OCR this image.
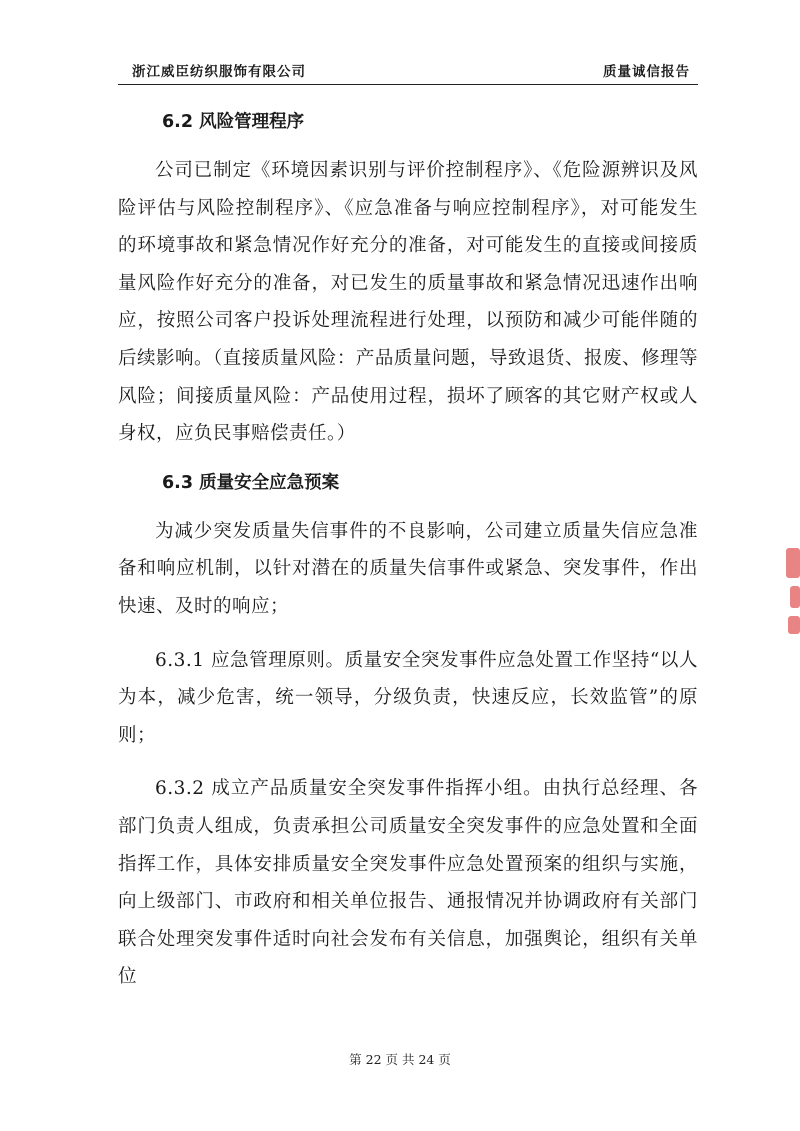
浙江威臣纺织服饰有限公司	质量诚信报告
6.2 风险管理程序

公司已制定《环境因素识别与评价控制程序》、《危险源辨识及风险评估与风险控制程序》、《应急准备与响应控制程序》，对可能发生的环境事故和紧急情况作好充分的准备，对可能发生的直接或间接质量风险作好充分的准备，对已发生的质量事故和紧急情况迅速作出响应，按照公司客户投诉处理流程进行处理，以预防和减少可能伴随的后续影响。（直接质量风险：产品质量问题，导致退货、报废、修理等风险；间接质量风险：产品使用过程，损坏了顾客的其它财产权或人身权，应负民事赔偿责任。）

6.3 质量安全应急预案

为减少突发质量失信事件的不良影响，公司建立质量失信应急准备和响应机制，以针对潜在的质量失信事件或紧急、突发事件，作出快速、及时的响应；

6.3.1 应急管理原则。质量安全突发事件应急处置工作坚持“以人为本，减少危害，统一领导，分级负责，快速反应，长效监管”的原则；

6.3.2 成立产品质量安全突发事件指挥小组。由执行总经理、各部门负责人组成，负责承担公司质量安全突发事件的应急处置和全面指挥工作，具体安排质量安全突发事件应急处置预案的组织与实施，向上级部门、市政府和相关单位报告、通报情况并协调政府有关部门联合处理突发事件适时向社会发布有关信息，加强舆论，组织有关单位

第 22 页 共 24 页
